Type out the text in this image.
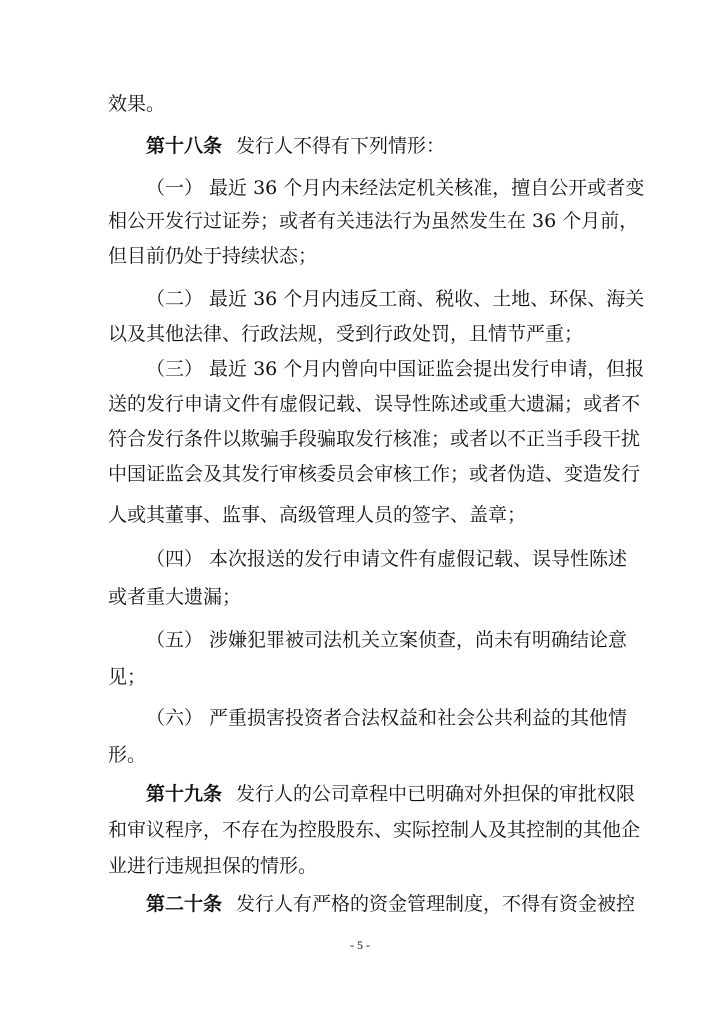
效果。
第十八条 发行人不得有下列情形：
（一） 最近 36 个月内未经法定机关核准，擅自公开或者变
相公开发行过证券；或者有关违法行为虽然发生在 36 个月前，
但目前仍处于持续状态；
（二） 最近 36 个月内违反工商、税收、土地、环保、海关
以及其他法律、行政法规，受到行政处罚，且情节严重；
（三） 最近 36 个月内曾向中国证监会提出发行申请，但报
送的发行申请文件有虚假记载、误导性陈述或重大遗漏；或者不
符合发行条件以欺骗手段骗取发行核准；或者以不正当手段干扰
中国证监会及其发行审核委员会审核工作；或者伪造、变造发行
人或其董事、监事、高级管理人员的签字、盖章；
（四） 本次报送的发行申请文件有虚假记载、误导性陈述
或者重大遗漏；
（五） 涉嫌犯罪被司法机关立案侦查，尚未有明确结论意
见；
（六） 严重损害投资者合法权益和社会公共利益的其他情
形。
第十九条 发行人的公司章程中已明确对外担保的审批权限
和审议程序，不存在为控股股东、实际控制人及其控制的其他企
业进行违规担保的情形。
第二十条 发行人有严格的资金管理制度，不得有资金被控
- 5 -
